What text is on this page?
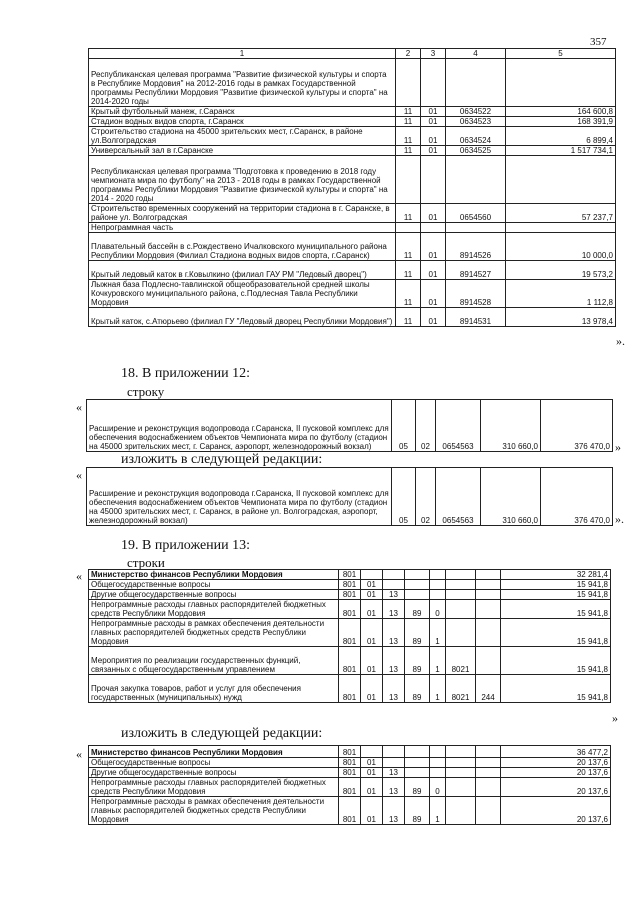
357
1	2	3	4	5
Республиканская целевая программа "Развитие физической культуры и спорта в Республике Мордовия" на 2012-2016 годы в рамках Государственной программы Республики Мордовия "Развитие физической культуры и спорта" на 2014-2020 годы				
Крытый футбольный манеж, г.Саранск	11	01	0634522	164 600,8
Стадион водных видов спорта, г.Саранск	11	01	0634523	168 391,9
Строительство стадиона на 45000 зрительских мест, г.Саранск, в районе ул.Волгоградская	11	01	0634524	6 899,4
Универсальный зал в г.Саранске	11	01	0634525	1 517 734,1
Республиканская целевая программа "Подготовка к проведению в 2018 году чемпионата мира по футболу" на 2013 - 2018 годы в рамках Государственной программы Республики Мордовия "Развитие физической культуры и спорта" на 2014 - 2020 годы				
Строительство временных сооружений на территории стадиона в г. Саранске, в районе ул. Волгоградская	11	01	0654560	57 237,7
Непрограммная часть				
Плавательный бассейн в с.Рождествено Ичалковского муниципального района Республики Мордовия (Филиал Стадиона водных видов спорта, г.Саранск)	11	01	8914526	10 000,0
Крытый ледовый каток в г.Ковылкино (филиал ГАУ РМ "Ледовый дворец")	11	01	8914527	19 573,2
Лыжная база Подлесно-тавлинской общеобразовательной средней школы Кочкуровского муниципального района, с.Подлесная Тавла Республики Мордовия	11	01	8914528	1 112,8
Крытый каток, с.Атюрьево (филиал ГУ "Ледовый дворец Республики Мордовия")	11	01	8914531	13 978,4
».
18. В приложении 12:
строку
«
Расширение и реконструкция водопровода г.Саранска, II пусковой комплекс для обеспечения водоснабжением объектов Чемпионата мира по футболу (стадион на 45000 зрительских мест, г. Саранск, аэропорт, железнодорожный вокзал)	05	02	0654563	310 660,0	376 470,0 »
изложить в следующей редакции:
«
Расширение и реконструкция водопровода г.Саранска, II пусковой комплекс для обеспечения водоснабжением объектов Чемпионата мира по футболу (стадион на 45000 зрительских мест, г. Саранск, в районе ул. Волгоградская, аэропорт, железнодорожный вокзал)	05	02	0654563	310 660,0	376 470,0 ».
19. В приложении 13:
строки
« Министерство финансов Республики Мордовия	801							32 281,4
Общегосударственные вопросы	801	01						15 941,8
Другие общегосударственные вопросы	801	01	13					15 941,8
Непрограммные расходы главных распорядителей бюджетных средств Республики Мордовия	801	01	13	89	0			15 941,8
Непрограммные расходы в рамках обеспечения деятельности главных распорядителей бюджетных средств Республики Мордовия	801	01	13	89	1			15 941,8
Мероприятия по реализации государственных функций, связанных с общегосударственным управлением	801	01	13	89	1	8021		15 941,8
Прочая закупка товаров, работ и услуг для обеспечения государственных (муниципальных) нужд	801	01	13	89	1	8021	244	15 941,8
»
изложить в следующей редакции:
« Министерство финансов Республики Мордовия	801							36 477,2
Общегосударственные вопросы	801	01						20 137,6
Другие общегосударственные вопросы	801	01	13					20 137,6
Непрограммные расходы главных распорядителей бюджетных средств Республики Мордовия	801	01	13	89	0			20 137,6
Непрограммные расходы в рамках обеспечения деятельности главных распорядителей бюджетных средств Республики Мордовия	801	01	13	89	1			20 137,6
